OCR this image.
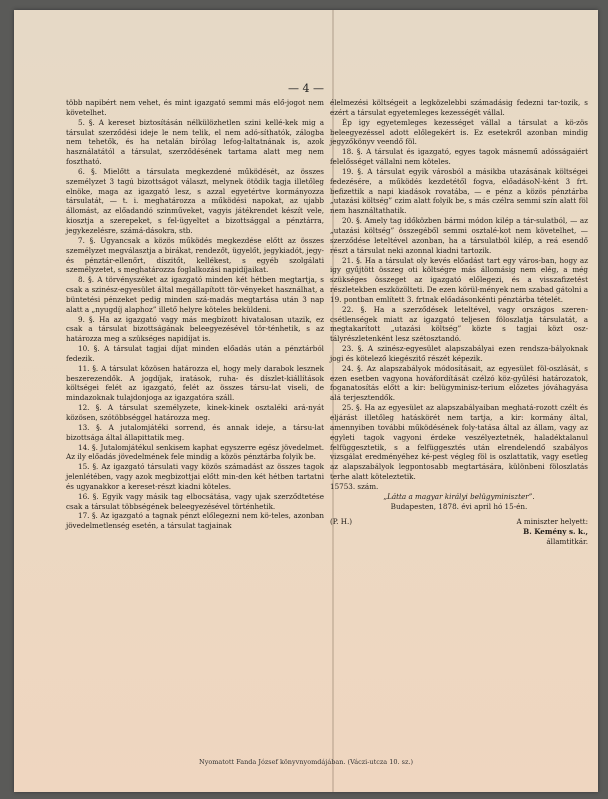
— 4 —

több napibért nem vehet, és mint igazgató semmi más elő-jogot nem követelhet.

5. §. A kereset biztosításán nélkülözhetlen szini kellé-kek mig a társulat szerződési ideje le nem telik, el nem adó-síthatók, zálogba nem tehetők, és ha netalán bírólag lefog-laltatnának is, azok használatától a társulat, szerződésének tartama alatt meg nem fosztható.

6. §. Mielőtt a társulata megkezdené működését, az összes személyzet 3 tagú bizottságot választ, melynek ötödik tagja illetőleg elnöke, maga az igazgató lesz, s azzal egyetértve kormányozza társulatát, — t. i. meghatározza a működési napokat, az ujabb állomást, az előadandó szinműveket, vagyis játékrendet készít vele, kiosztja a szerepeket, s fel-ügyeltet a bizottsággal a pénztárra, jegykezelésre, számá-dásokra, stb.

7. §. Ugyancsak a közös működés megkezdése előtt az összes személyzet megválasztja a birákat, rendezőt, ügyelőt, jegykiadót, jegy- és pénztár-ellenőrt, díszitőt, kellékest, s egyéb szolgálati személyzetet, s meghatározza foglalkozási napidíjaikat.

8. §. A törvényszéket az igazgató minden két hétben megtartja, s csak a szinész-egyesület által megállapított tör-vényeket használhat, a büntetési pénzeket pedig minden szá-madás megtartása után 3 nap alatt a „nyugdíj alaphoz” illető helyre köteles beküldeni.

9. §. Ha az igazgató vagy más megbízott hivatalosan utazik, ez csak a társulat bizottságának beleegyezésével tör-ténhetik, s az határozza meg a szükséges napidíjat is.

10. §. A társulat tagjai díjat minden előadás után a pénztárból fedezik.

11. §. A társulat közösen határozza el, hogy mely darabok lesznek beszerezendők. A jogdíjak, iratások, ruha- és díszlet-kiállítások költségei felét az igazgató, felét az összes társu-lat viseli, de mindazoknak tulajdonjoga az igazgatóra száll.

12. §. A társulat személyzete, kinek-kinek osztaléki ará-nyát közösen, szótöbbséggel határozza meg.

13. §. A jutalomjátéki sorrend, és annak ideje, a társu-lat bizottsága által állapittatik meg.

14. §. Jutalomjátékul senkisem kaphat egyszerre egész jövedelmet. Az ily előadás jövedelmének fele mindig a közös pénztárba folyik be.

15. §. Az igazgató társulati vagy közös számadást az összes tagok jelenlétében, vagy azok megbizottjai előtt min-den két hétben tartatni és ugyanakkor a kereset-részt kiadni köteles.

16. §. Egyik vagy másik tag elbocsátása, vagy ujak szerződtetése csak a társulat többségének beleegyezésével történhetik.

17. §. Az igazgató a tagnak pénzt előlegezni nem kö-teles, azonban jövedelmetlenség esetén, a társulat tagjainak

élelmezési költségeit a legközelebbi számadásig fedezni tar-tozik, s ezért a társulat egyetemleges kezességét vállal.

Ép igy egyetemleges kezességet vállal a társulat a kö-zös beleegyezéssel adott előlegekért is. Ez esetekről azonban mindig jegyzőkönyv veendő föl.

18. §. A társulat és igazgató, egyes tagok másnemű adósságaiért felelősséget vállalni nem köteles.

19. §. A társulat egyik városból a másikba utazásának költségei fedezésére, a működés kezdetétől fogva, előadásoN-ként 3 frt. befizettik a napi kiadások rovatába, — e pénz a közös pénztárba „utazási költség” czim alatt folyik be, s más czélra semmi szín alatt föl nem használtathatik.

20. §. Amely tag időközben bármi módon kilép a tár-sulatból, — az „utazási költség” összegéből semmi osztalé-kot nem követelhet, — szerződése leteltével azonban, ha a társulatból kilép, a reá esendő részt a társulat neki azonnal kiadni tartozik.

21. §. Ha a társulat oly kevés előadást tart egy város-ban, hogy az igy gyűjtött összeg oti költségre más állomásig nem elég, a még szükséges összeget az igazgató előlegezi, és a visszafizetést részletekben eszközölteti. De ezen körül-mények nem szabad gátolni a 19. pontban említett 3. frtnak előadásonkénti pénztárba tételét.

22. §. Ha a szerződések leteltével, vagy országos szeren-csétlenségek miatt az igazgató teljesen föloszlatja társulatát, a megtakarított „utazási költség” közte s tagjai közt osz-tályrészletenként lesz szétosztandó.

23. §. A szinész-egyesület alapszabályai ezen rendsza-bályoknak jogi és kötelező kiegészitő részét képezik.

24. §. Az alapszabályok módosításait, az egyesület föl-oszlását, s ezen esetben vagyona hováfordítását czélzó köz-gyűlési határozatok, foganatosítás előtt a kir: belügyminisz-terium előzetes jóváhagyása alá terjesztendők.

25. §. Ha az egyesület az alapszabályaiban meghatá-rozott czélt és eljárást illetőleg hatáskörét nem tartja, a kir: kormány által, amennyiben további működésének foly-tatása által az állam, vagy az egyleti tagok vagyoni érdeke veszélyeztetnék, haladéktalanul felfüggesztetik, s a felfüggesztés után elrendelendő szabályos vizsgálat eredményéhez ké-pest végleg föl is oszlattatik, vagy esetleg az alapszabályok legpontosabb megtartására, különbeni föloszlatás terhe alatt köteleztetik.

15753. szám.

„Látta a magyar királyi belügyminiszter”.

Budapesten, 1878. évi april hó 15-én.

(P. H.)	A miniszter helyett:
B. Kemény s. k.,
államtitkár.
Nyomatott Fanda József könyvnyomdájában. (Váczi-utcza 10. sz.)
